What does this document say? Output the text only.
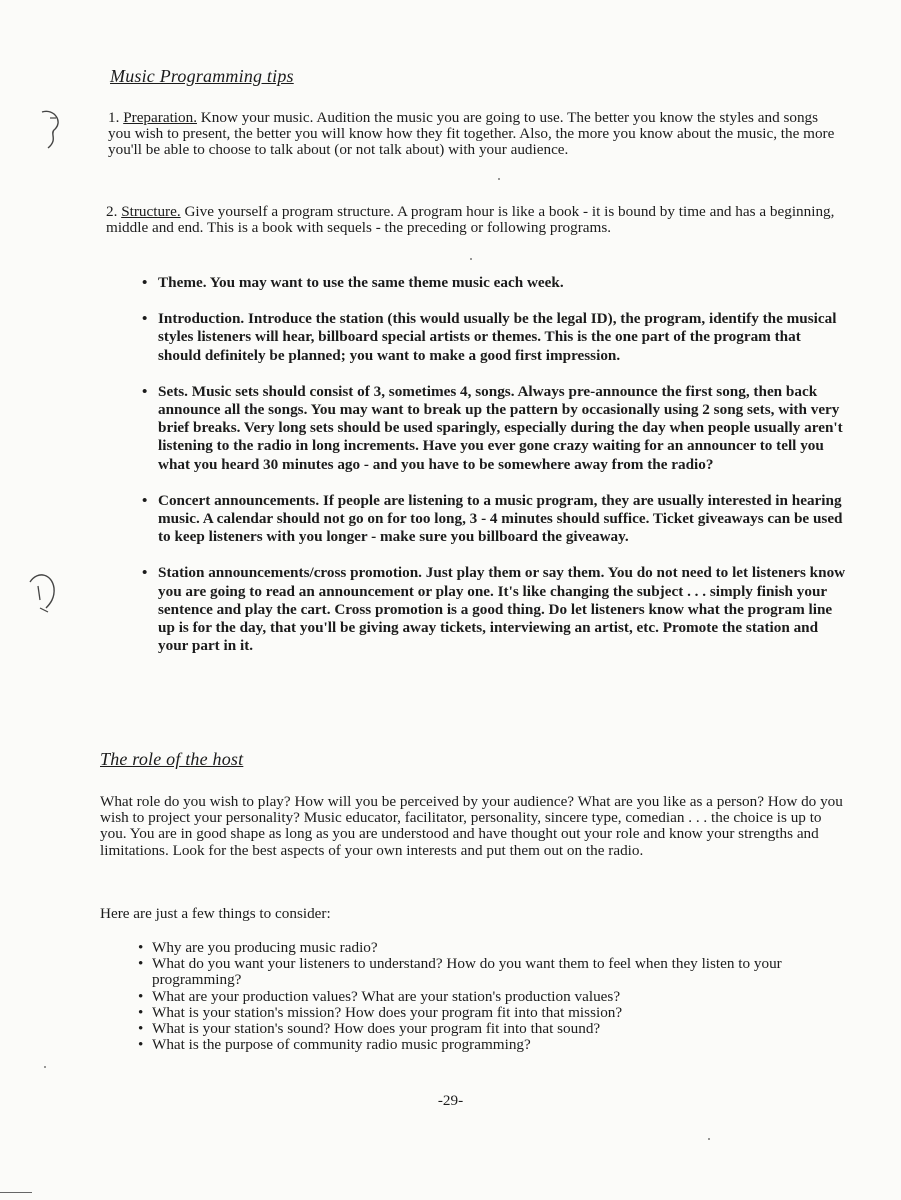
Music Programming tips

1. Preparation. Know your music. Audition the music you are going to use. The better you know the styles and songs you wish to present, the better you will know how they fit together. Also, the more you know about the music, the more you'll be able to choose to talk about (or not talk about) with your audience.

2. Structure. Give yourself a program structure. A program hour is like a book - it is bound by time and has a beginning, middle and end. This is a book with sequels - the preceding or following programs.

• Theme. You may want to use the same theme music each week.
• Introduction. Introduce the station (this would usually be the legal ID), the program, identify the musical styles listeners will hear, billboard special artists or themes. This is the one part of the program that should definitely be planned; you want to make a good first impression.
• Sets. Music sets should consist of 3, sometimes 4, songs. Always pre-announce the first song, then back announce all the songs. You may want to break up the pattern by occasionally using 2 song sets, with very brief breaks. Very long sets should be used sparingly, especially during the day when people usually aren't listening to the radio in long increments. Have you ever gone crazy waiting for an announcer to tell you what you heard 30 minutes ago - and you have to be somewhere away from the radio?
• Concert announcements. If people are listening to a music program, they are usually interested in hearing music. A calendar should not go on for too long, 3 - 4 minutes should suffice. Ticket giveaways can be used to keep listeners with you longer - make sure you billboard the giveaway.
• Station announcements/cross promotion. Just play them or say them. You do not need to let listeners know you are going to read an announcement or play one. It's like changing the subject . . . simply finish your sentence and play the cart. Cross promotion is a good thing. Do let listeners know what the program line up is for the day, that you'll be giving away tickets, interviewing an artist, etc. Promote the station and your part in it.
The role of the host

What role do you wish to play? How will you be perceived by your audience? What are you like as a person? How do you wish to project your personality? Music educator, facilitator, personality, sincere type, comedian . . . the choice is up to you. You are in good shape as long as you are understood and have thought out your role and know your strengths and limitations. Look for the best aspects of your own interests and put them out on the radio.

Here are just a few things to consider:

• Why are you producing music radio?
• What do you want your listeners to understand? How do you want them to feel when they listen to your programming?
• What are your production values? What are your station's production values?
• What is your station's mission? How does your program fit into that mission?
• What is your station's sound? How does your program fit into that sound?
• What is the purpose of community radio music programming?

-29-
